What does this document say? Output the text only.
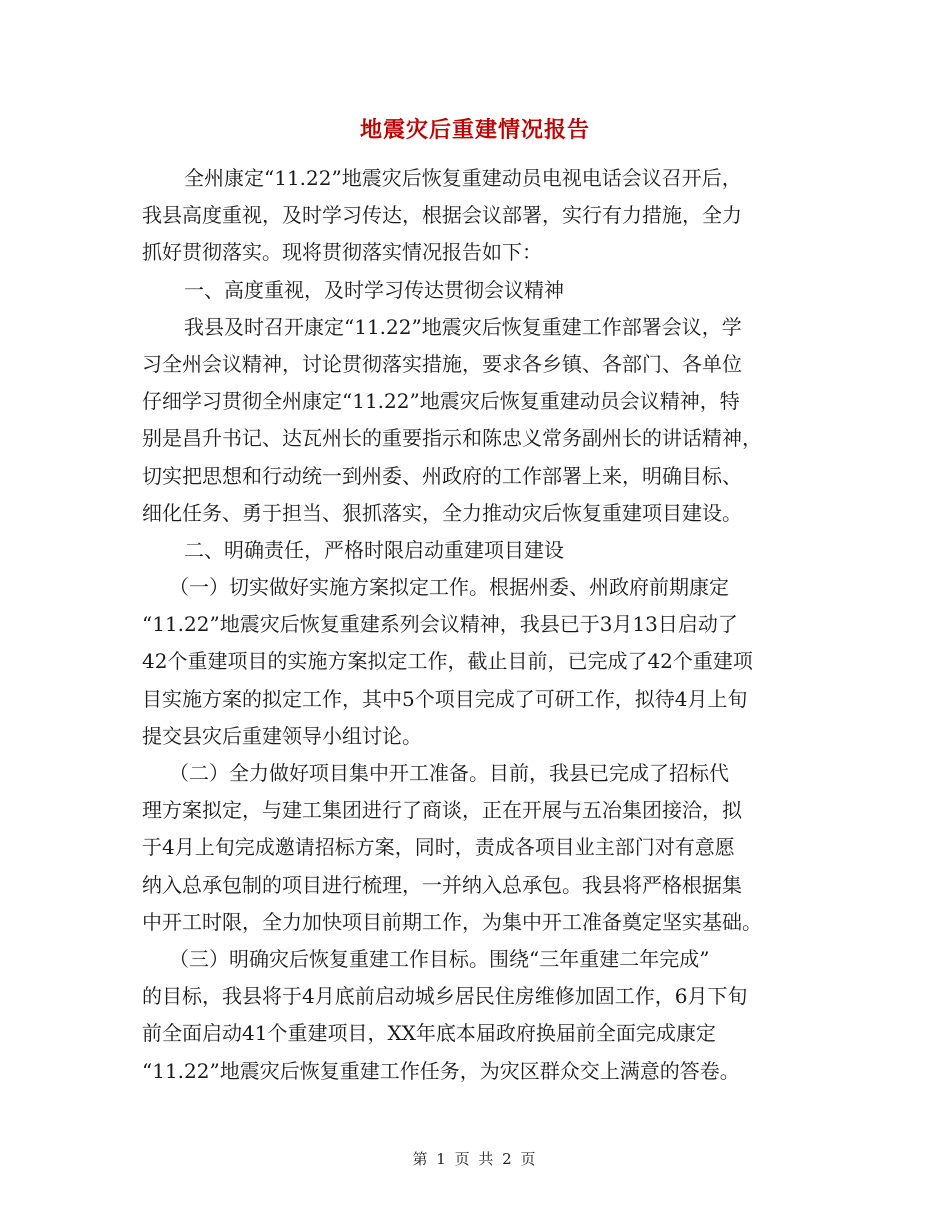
地震灾后重建情况报告
全州康定“11.22”地震灾后恢复重建动员电视电话会议召开后，
我县高度重视，及时学习传达，根据会议部署，实行有力措施，全力
抓好贯彻落实。现将贯彻落实情况报告如下：
一、高度重视，及时学习传达贯彻会议精神
我县及时召开康定“11.22”地震灾后恢复重建工作部署会议，学
习全州会议精神，讨论贯彻落实措施，要求各乡镇、各部门、各单位
仔细学习贯彻全州康定“11.22”地震灾后恢复重建动员会议精神，特
别是昌升书记、达瓦州长的重要指示和陈忠义常务副州长的讲话精神，
切实把思想和行动统一到州委、州政府的工作部署上来，明确目标、
细化任务、勇于担当、狠抓落实，全力推动灾后恢复重建项目建设。
二、明确责任，严格时限启动重建项目建设
（一）切实做好实施方案拟定工作。根据州委、州政府前期康定
“11.22”地震灾后恢复重建系列会议精神，我县已于3月13日启动了
42个重建项目的实施方案拟定工作，截止目前，已完成了42个重建项
目实施方案的拟定工作，其中5个项目完成了可研工作，拟待4月上旬
提交县灾后重建领导小组讨论。
（二）全力做好项目集中开工准备。目前，我县已完成了招标代
理方案拟定，与建工集团进行了商谈，正在开展与五冶集团接洽，拟
于4月上旬完成邀请招标方案，同时，责成各项目业主部门对有意愿
纳入总承包制的项目进行梳理，一并纳入总承包。我县将严格根据集
中开工时限，全力加快项目前期工作，为集中开工准备奠定坚实基础。
（三）明确灾后恢复重建工作目标。围绕“三年重建二年完成”
的目标，我县将于4月底前启动城乡居民住房维修加固工作，6月下旬
前全面启动41个重建项目，XX年底本届政府换届前全面完成康定
“11.22”地震灾后恢复重建工作任务，为灾区群众交上满意的答卷。
第 1 页 共 2 页
